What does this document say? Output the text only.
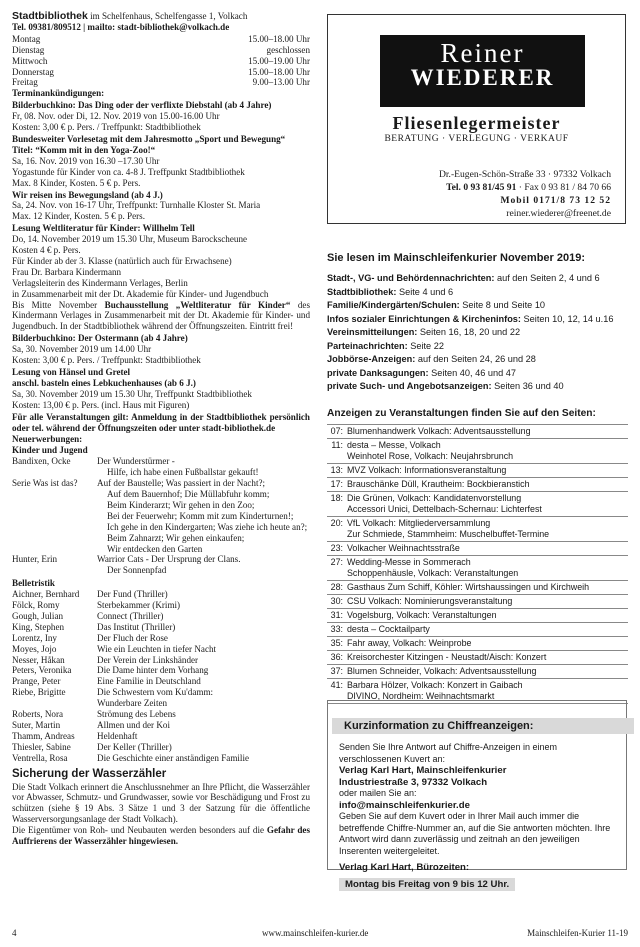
Stadtbibliothek im Schelfenhaus, Schelfengasse 1, Volkach
Tel. 09381/809512 | mailto: stadt-bibliothek@volkach.de
Montag	15.00–18.00 Uhr
Dienstag	geschlossen
Mittwoch	15.00–19.00 Uhr
Donnerstag	15.00–18.00 Uhr
Freitag	9.00–13.00 Uhr
Terminankündigungen:
Bilderbuchkino: Das Ding oder der verflixte Diebstahl (ab 4 Jahre)
Fr, 08. Nov. oder Di, 12. Nov. 2019 von 15.00-16.00 Uhr
Kosten: 3,00 € p. Pers. / Treffpunkt: Stadtbibliothek
Bundesweiter Vorlesetag mit dem Jahresmotto „Sport und Bewegung“
Titel: “Komm mit in den Yoga-Zoo!“
Sa, 16. Nov. 2019 von 16.30 –17.30 Uhr
Yogastunde für Kinder von ca. 4-8 J. Treffpunkt Stadtbibliothek
Max. 8 Kinder, Kosten. 5 € p. Pers.
Wir reisen ins Bewegungsland (ab 4 J.)
Sa, 24. Nov. von 16-17 Uhr, Treffpunkt: Turnhalle Kloster St. Maria
Max. 12 Kinder, Kosten. 5 € p. Pers.
Lesung Weltliteratur für Kinder: Willhelm Tell
Do, 14. November 2019 um 15.30 Uhr, Museum Barockscheune
Kosten 4 € p. Pers.
Für Kinder ab der 3. Klasse (natürlich auch für Erwachsene)
Frau Dr. Barbara Kindermann
Verlagsleiterin des Kindermann Verlages, Berlin
in Zusammenarbeit mit der Dt. Akademie für Kinder- und Jugendbuch
Bis Mitte November Buchausstellung „Weltliteratur für Kinder“ des Kindermann Verlages in Zusammenarbeit mit der Dt. Akademie für Kinder- und Jugendbuch. In der Stadtbibliothek während der Öffnungszeiten. Eintritt frei!
Bilderbuchkino: Der Ostermann (ab 4 Jahre)
Sa, 30. November 2019 um 14.00 Uhr
Kosten: 3,00 € p. Pers. / Treffpunkt: Stadtbibliothek
Lesung von Hänsel und Gretel
anschl. basteln eines Lebkuchenhauses (ab 6 J.)
Sa, 30. November 2019 um 15.30 Uhr, Treffpunkt Stadtbibliothek
Kosten: 13,00 € p. Pers. (incl. Haus mit Figuren)
Für alle Veranstaltungen gilt: Anmeldung in der Stadtbibliothek persönlich oder tel. während der Öffnungszeiten oder unter stadt-bibliothek.de
Neuerwerbungen:
Kinder und Jugend
Bandixen, Ocke	Der Wunderstürmer -
Hilfe, ich habe einen Fußballstar gekauft!
Serie Was ist das?	Auf der Baustelle; Was passiert in der Nacht?;
Auf dem Bauernhof; Die Müllabfuhr komm;
Beim Kinderarzt; Wir gehen in den Zoo;
Bei der Feuerwehr; Komm mit zum Kinderturnen!;
Ich gehe in den Kindergarten; Was ziehe ich heute an?;
Beim Zahnarzt; Wir gehen einkaufen;
Wir entdecken den Garten
Hunter, Erin	Warrior Cats - Der Ursprung der Clans.
Der Sonnenpfad
Belletristik
Aichner, Bernhard	Der Fund (Thriller)
Fölck, Romy	Sterbekammer (Krimi)
Gough, Julian	Connect (Thriller)
King, Stephen	Das Institut (Thriller)
Lorentz, Iny	Der Fluch der Rose
Moyes, Jojo	Wie ein Leuchten in tiefer Nacht
Nesser, Håkan	Der Verein der Linkshänder
Peters, Veronika	Die Dame hinter dem Vorhang
Prange, Peter	Eine Familie in Deutschland
Riebe, Brigitte	Die Schwestern vom Ku'damm:
Wunderbare Zeiten
Roberts, Nora	Strömung des Lebens
Suter, Martin	Allmen und der Koi
Thamm, Andreas	Heldenhaft
Thiesler, Sabine	Der Keller (Thriller)
Ventrella, Rosa	Die Geschichte einer anständigen Familie
Sicherung der Wasserzähler
Die Stadt Volkach erinnert die Anschlussnehmer an Ihre Pflicht, die Wasserzähler vor Abwasser, Schmutz- und Grundwasser, sowie vor Beschädigung und Frost zu schützen (siehe § 19 Abs. 3 Sätze 1 und 3 der Satzung für die öffentliche Wasserversorgungsanlage der Stadt Volkach).
Die Eigentümer von Roh- und Neubauten werden besonders auf die Gefahr des Auffrierens der Wasserzähler hingewiesen.
Reiner
WIEDERER
Fliesenlegermeister
BERATUNG · VERLEGUNG · VERKAUF
Dr.-Eugen-Schön-Straße 33 · 97332 Volkach
Tel. 0 93 81/45 91 · Fax 0 93 81 / 84 70 66
Mobil 0171/8 73 12 52
reiner.wiederer@freenet.de
Sie lesen im Mainschleifenkurier November 2019:
Stadt-, VG- und Behördennachrichten: auf den Seiten 2, 4 und 6
Stadtbibliothek: Seite 4 und 6
Familie/Kindergärten/Schulen: Seite 8 und Seite 10
Infos sozialer Einrichtungen & Kircheninfos: Seiten 10, 12, 14 u.16
Vereinsmitteilungen: Seiten 16, 18, 20 und 22
Parteinachrichten: Seite 22
Jobbörse-Anzeigen: auf den Seiten 24, 26 und 28
private Danksagungen: Seiten 40, 46 und 47
private Such- und Angebotsanzeigen: Seiten 36 und 40
Anzeigen zu Veranstaltungen finden Sie auf den Seiten:
07: Blumenhandwerk Volkach: Adventsausstellung
11: desta – Messe, Volkach
Weinhotel Rose, Volkach: Neujahrsbrunch
13: MVZ Volkach: Informationsveranstaltung
17: Brauschänke Düll, Krautheim: Bockbieranstich
18: Die Grünen, Volkach: Kandidatenvorstellung
Accessori Unici, Dettelbach-Schernau: Lichterfest
20: VfL Volkach: Mitgliederversammlung
Zur Schmiede, Stammheim: Muschelbuffet-Termine
23: Volkacher Weihnachtsstraße
27: Wedding-Messe in Sommerach
Schoppenhäusle, Volkach: Veranstaltungen
28: Gasthaus Zum Schiff, Köhler: Wirtshaussingen und Kirchweih
30: CSU Volkach: Nominierungsveranstaltung
31: Vogelsburg, Volkach: Veranstaltungen
33: desta – Cocktailparty
35: Fahr away, Volkach: Weinprobe
36: Kreisorchester Kitzingen - Neustadt/Aisch: Konzert
37: Blumen Schneider, Volkach: Adventsausstellung
41: Barbara Hölzer, Volkach: Konzert in Gaibach
DIVINO, Nordheim: Weihnachtsmarkt
Kurzinformation zu Chiffreanzeigen:
Senden Sie Ihre Antwort auf Chiffre-Anzeigen in einem verschlossenen Kuvert an:
Verlag Karl Hart, Mainschleifenkurier
Industriestraße 3, 97332 Volkach
oder mailen Sie an:
info@mainschleifenkurier.de
Geben Sie auf dem Kuvert oder in Ihrer Mail auch immer die betreffende Chiffre-Nummer an, auf die Sie antworten möchten. Ihre Antwort wird dann zuverlässig und zeitnah an den jeweiligen Inserenten weitergeleitet.
Verlag Karl Hart, Bürozeiten:
Montag bis Freitag von 9 bis 12 Uhr.
4	www.mainschleifen-kurier.de	Mainschleifen-Kurier 11-19
